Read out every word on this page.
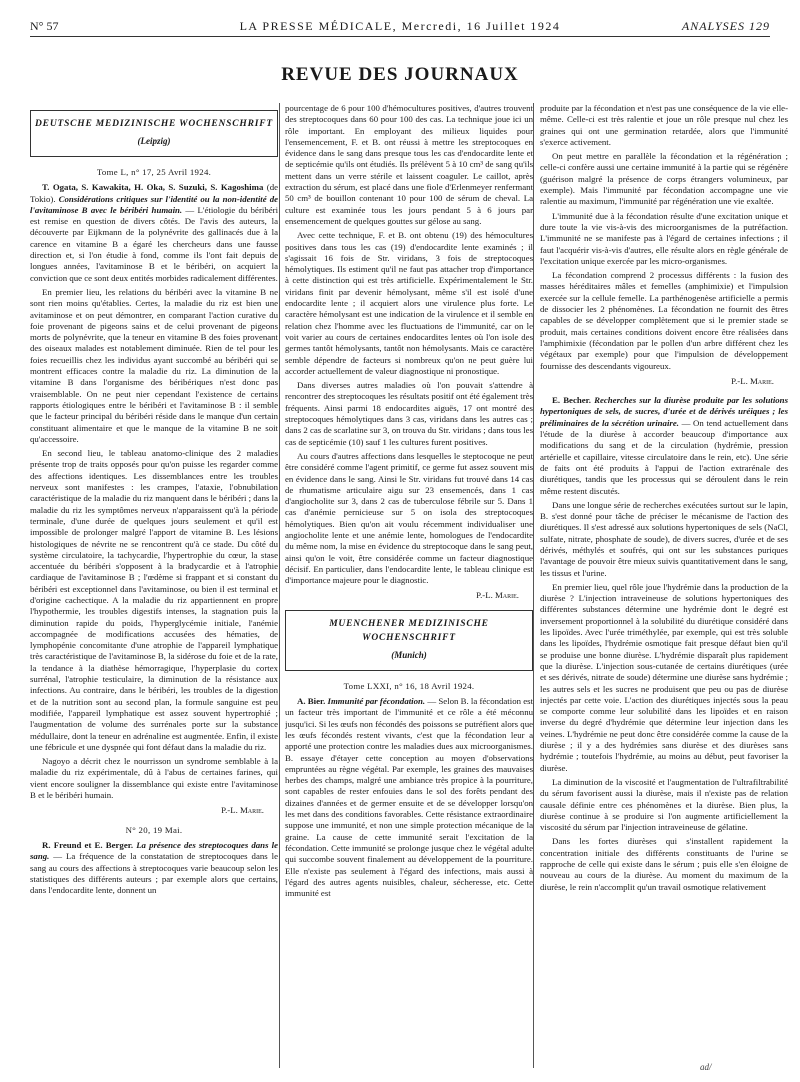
N° 57	LA PRESSE MÉDICALE, Mercredi, 16 Juillet 1924	ANALYSES 129
REVUE DES JOURNAUX
DEUTSCHE MEDIZINISCHE WOCHENSCHRIFT
(Leipzig)
Tome L, n° 17, 25 Avril 1924.

T. Ogata, S. Kawakita, H. Oka, S. Suzuki, S. Kagoshima (de Tokio). Considérations critiques sur l'identité ou la non-identité de l'avitaminose B avec le béribéri humain. — L'étiologie du béribéri est remise en question de divers côtés. De l'avis des auteurs, la découverte par Eijkmann de la polynévrite des gallinacés due à la carence en vitamine B a égaré les chercheurs dans une fausse direction et, si l'on étudie à fond, comme ils l'ont fait depuis de longues années, l'avitaminose B et le béribéri, on acquiert la conviction que ce sont deux entités morbides radicalement différentes.

En premier lieu, les relations du béribéri avec la vitamine B ne sont rien moins qu'établies. Certes, la maladie du riz est bien une avitaminose et on peut démontrer, en comparant l'action curative du foie provenant de pigeons sains et de celui provenant de pigeons morts de polynévrite, que la teneur en vitamine B des foies provenant des oiseaux malades est notablement diminuée. Rien de tel pour les foies recueillis chez les individus ayant succombé au béribéri qui se montrent efficaces contre la maladie du riz. La diminution de la vitamine B dans l'organisme des béribériques n'est donc pas vraisemblable. On ne peut nier cependant l'existence de certains rapports étiologiques entre le béribéri et l'avitaminose B : il semble que le facteur principal du béribéri réside dans le manque d'un certain constituant alimentaire et que le manque de la vitamine B ne soit qu'accessoire.

En second lieu, le tableau anatomo-clinique des 2 maladies présente trop de traits opposés pour qu'on puisse les regarder comme des affections identiques. Les dissemblances entre les troubles nerveux sont manifestes : les crampes, l'ataxie, l'obnubilation caractéristique de la maladie du riz manquent dans le béribéri ; dans la maladie du riz les symptômes nerveux n'apparaissent qu'à la période terminale, d'une durée de quelques jours seulement et qu'il est impossible de prolonger malgré l'apport de vitamine B. Les lésions histologiques de névrite ne se rencontrent qu'à ce stade. Du côté du système circulatoire, la tachycardie, l'hypertrophie du cœur, la stase accentuée du béribéri s'opposent à la bradycardie et à l'atrophie cardiaque de l'avitaminose B ; l'œdème si frappant et si constant du béribéri est exceptionnel dans l'avitaminose, ou bien il est terminal et d'origine cachectique. A la maladie du riz appartiennent en propre l'hypothermie, les troubles digestifs intenses, la stagnation puis la diminution rapide du poids, l'hyperglycémie initiale, l'anémie accompagnée de modifications accusées des hématies, de lymphopénie concomitante d'une atrophie de l'appareil lymphatique très caractéristique de l'avitaminose B, la sidérose du foie et de la rate, la tendance à la diathèse hémorragique, l'hyperplasie du cortex surrénal, l'atrophie testiculaire, la diminution de la résistance aux infections. Au contraire, dans le béribéri, les troubles de la digestion et de la nutrition sont au second plan, la formule sanguine est peu modifiée, l'appareil lymphatique est assez souvent hypertrophié ; l'augmentation de volume des surrénales porte sur la substance médullaire, dont la teneur en adrénaline est augmentée. Enfin, il existe une fébricule et une dyspnée qui font défaut dans la maladie du riz.

Nagoyo a décrit chez le nourrisson un syndrome semblable à la maladie du riz expérimentale, dû à l'abus de certaines farines, qui vient encore souligner la dissemblance qui existe entre l'avitaminose B et le béribéri humain.

P.-L. Marie.
N° 20, 19 Mai.

R. Freund et E. Berger. La présence des streptocoques dans le sang. — La fréquence de la constatation de streptocoques dans le sang au cours des affections à streptocoques varie beaucoup selon les statistiques des différents auteurs ; par exemple alors que certains, dans l'endocardite lente, donnent un

pourcentage de 6 pour 100 d'hémocultures positives, d'autres trouvent des streptocoques dans 60 pour 100 des cas. La technique joue ici un rôle important. En employant des milieux liquides pour l'ensemencement, F. et B. ont réussi à mettre les streptocoques en évidence dans le sang dans presque tous les cas d'endocardite lente et de septicémie qu'ils ont étudiés. Ils prélèvent 5 à 10 cm³ de sang qu'ils mettent dans un verre stérile et laissent coaguler. Le caillot, après extraction du sérum, est placé dans une fiole d'Erlenmeyer renfermant 50 cm³ de bouillon contenant 10 pour 100 de sérum de cheval. La culture est examinée tous les jours pendant 5 à 6 jours par ensemencement de quelques gouttes sur gélose au sang.

Avec cette technique, F. et B. ont obtenu (19) des hémocultures positives dans tous les cas (19) d'endocardite lente examinés ; il s'agissait 16 fois de Str. viridans, 3 fois de streptocoques hémolytiques. Ils estiment qu'il ne faut pas attacher trop d'importance à cette distinction qui est très artificielle. Expérimentalement le Str. viridans finit par devenir hémolysant, même s'il est isolé d'une endocardite lente ; il acquiert alors une virulence plus forte. Le caractère hémolysant est une indication de la virulence et il semble en relation chez l'homme avec les fluctuations de l'immunité, car on le voit varier au cours de certaines endocardites lentes où l'on isole des germes tantôt hémolysants, tantôt non hémolysants. Mais ce caractère semble dépendre de facteurs si nombreux qu'on ne peut guère lui accorder actuellement de valeur diagnostique ni pronostique.

Dans diverses autres maladies où l'on pouvait s'attendre à rencontrer des streptocoques les résultats positif ont été également très fréquents. Ainsi parmi 18 endocardites aiguës, 17 ont montré des streptocoques hémolytiques dans 3 cas, viridans dans les autres cas ; dans 2 cas de scarlatine sur 3, on trouva du Str. viridans ; dans tous les cas de septicémie (10) sauf 1 les cultures furent positives.

Au cours d'autres affections dans lesquelles le steptocoque ne peut être considéré comme l'agent primitif, ce germe fut assez souvent mis en évidence dans le sang. Ainsi le Str. viridans fut trouvé dans 14 cas de rhumatisme articulaire aigu sur 23 ensemencés, dans 1 cas d'angiocholite sur 3, dans 2 cas de tuberculose fébrile sur 5. Dans 1 cas d'anémie pernicieuse sur 5 on isola des streptocoques hémolytiques. Bien qu'on ait voulu récemment individualiser une angiocholite lente et une anémie lente, homologues de l'endocardite du même nom, la mise en évidence du streptocoque dans le sang peut, ainsi qu'on le voit, être considérée comme un facteur diagnostique décisif. En particulier, dans l'endocardite lente, le tableau clinique est d'importance majeure pour le diagnostic.

P.-L. Marie.
MUENCHENER MEDIZINISCHE WOCHENSCHRIFT
(Munich)
Tome LXXI, n° 16, 18 Avril 1924.

A. Bier. Immunité par fécondation. — Selon B. la fécondation est un facteur très important de l'immunité et ce rôle a été méconnu jusqu'ici. Si les œufs non fécondés des poissons se putréfient alors que les œufs fécondés restent vivants, c'est que la fécondation leur a apporté une protection contre les maladies dues aux microorganismes. B. essaye d'étayer cette conception au moyen d'observations empruntées au règne végétal. Par exemple, les graines des mauvaises herbes des champs, malgré une ambiance très propice à la pourriture, sont capables de rester enfouies dans le sol des forêts pendant des dizaines d'années et de germer ensuite et de se développer lorsqu'on les met dans des conditions favorables. Cette résistance extraordinaire suppose une immunité, et non une simple protection mécanique de la graine. La cause de cette immunité serait l'excitation de la fécondation. Cette immunité se prolonge jusque chez le végétal adulte qui succombe souvent finalement au développement de la pourriture. Elle n'existe pas seulement à l'égard des infections, mais aussi à l'égard des autres agents nuisibles, chaleur, sécheresse, etc. Cette immunité est

produite par la fécondation et n'est pas une conséquence de la vie elle-même. Celle-ci est très ralentie et joue un rôle presque nul chez les graines qui ont une germination retardée, alors que l'immunité s'exerce activement.

On peut mettre en parallèle la fécondation et la régénération ; celle-ci confère aussi une certaine immunité à la partie qui se régénère (guérison malgré la présence de corps étrangers volumineux, par exemple). Mais l'immunité par fécondation accompagne une vie ralentie au maximum, l'immunité par régénération une vie exaltée.

L'immunité due à la fécondation résulte d'une excitation unique et dure toute la vie vis-à-vis des microorganismes de la putréfaction. L'immunité ne se manifeste pas à l'égard de certaines infections ; il faut l'acquérir vis-à-vis d'autres, elle résulte alors en règle générale de l'excitation unique exercée par les micro-organismes.

La fécondation comprend 2 processus différents : la fusion des masses héréditaires mâles et femelles (amphimixie) et l'impulsion exercée sur la cellule femelle. La parthénogenèse artificielle a permis de dissocier les 2 phénomènes. La fécondation ne fournit des êtres capables de se développer complètement que si le premier stade se produit, mais certaines conditions doivent encore être réalisées dans l'amphimixie (fécondation par le pollen d'un arbre différent chez les végétaux par exemple) pour que l'impulsion de développement fournisse des descendants vigoureux.

P.-L. Marie.

E. Becher. Recherches sur la diurèse produite par les solutions hypertoniques de sels, de sucres, d'urée et de dérivés uréiques ; les préliminaires de la sécrétion urinaire. — On tend actuellement dans l'étude de la diurèse à accorder beaucoup d'importance aux modifications du sang et de la circulation (hydrémie, pression artérielle et capillaire, vitesse circulatoire dans le rein, etc). Une série de faits ont été produits à l'appui de l'action extrarénale des diurétiques, tandis que les processus qui se déroulent dans le rein même restent discutés.

Dans une longue série de recherches exécutées surtout sur le lapin, B. s'est donné pour tâche de préciser le mécanisme de l'action des diurétiques. Il s'est adressé aux solutions hypertoniques de sels (NaCl, sulfate, nitrate, phosphate de soude), de divers sucres, d'urée et de ses dérivés, méthylés et soufrés, qui ont sur les substances puriques l'avantage de pouvoir être mieux suivis quantitativement dans le sang, les tissus et l'urine.

En premier lieu, quel rôle joue l'hydrémie dans la production de la diurèse ? L'injection intraveineuse de solutions hypertoniques des différentes substances détermine une hydrémie dont le degré est inversement proportionnel à la solubilité du diurétique considéré dans les lipoïdes. Avec l'urée triméthylée, par exemple, qui est très soluble dans les lipoïdes, l'hydrémie osmotique fait presque défaut bien qu'il se produise une bonne diurèse. L'hydrémie disparaît plus rapidement que la diurèse. L'injection sous-cutanée de certains diurétiques (urée et ses dérivés, nitrate de soude) détermine une diurèse sans hydrémie ; les autres sels et les sucres ne produisent que peu ou pas de diurèse injectés par cette voie. L'action des diurétiques injectés sous la peau se comporte comme leur solubilité dans les lipoïdes et en raison inverse du degré d'hydrémie que détermine leur injection dans les veines. L'hydrémie ne peut donc être considérée comme la cause de la diurèse ; il y a des hydrémies sans diurèse et des diurèses sans hydrémie ; toutefois l'hydrémie, au moins au début, peut favoriser la diurèse.

La diminution de la viscosité et l'augmentation de l'ultrafiltrabilité du sérum favorisent aussi la diurèse, mais il n'existe pas de relation causale définie entre ces phénomènes et la diurèse. Bien plus, la diurèse continue à se produire si l'on augmente artificiellement la viscosité du sérum par l'injection intraveineuse de gélatine.

Dans les fortes diurèses qui s'installent rapidement la concentration initiale des différents constituants de l'urine se rapproche de celle qui existe dans le sérum ; puis elle s'en éloigne de nouveau au cours de la diurèse. Au moment du maximum de la diurèse, le rein n'accomplit qu'un travail osmotique relativement

ad/
